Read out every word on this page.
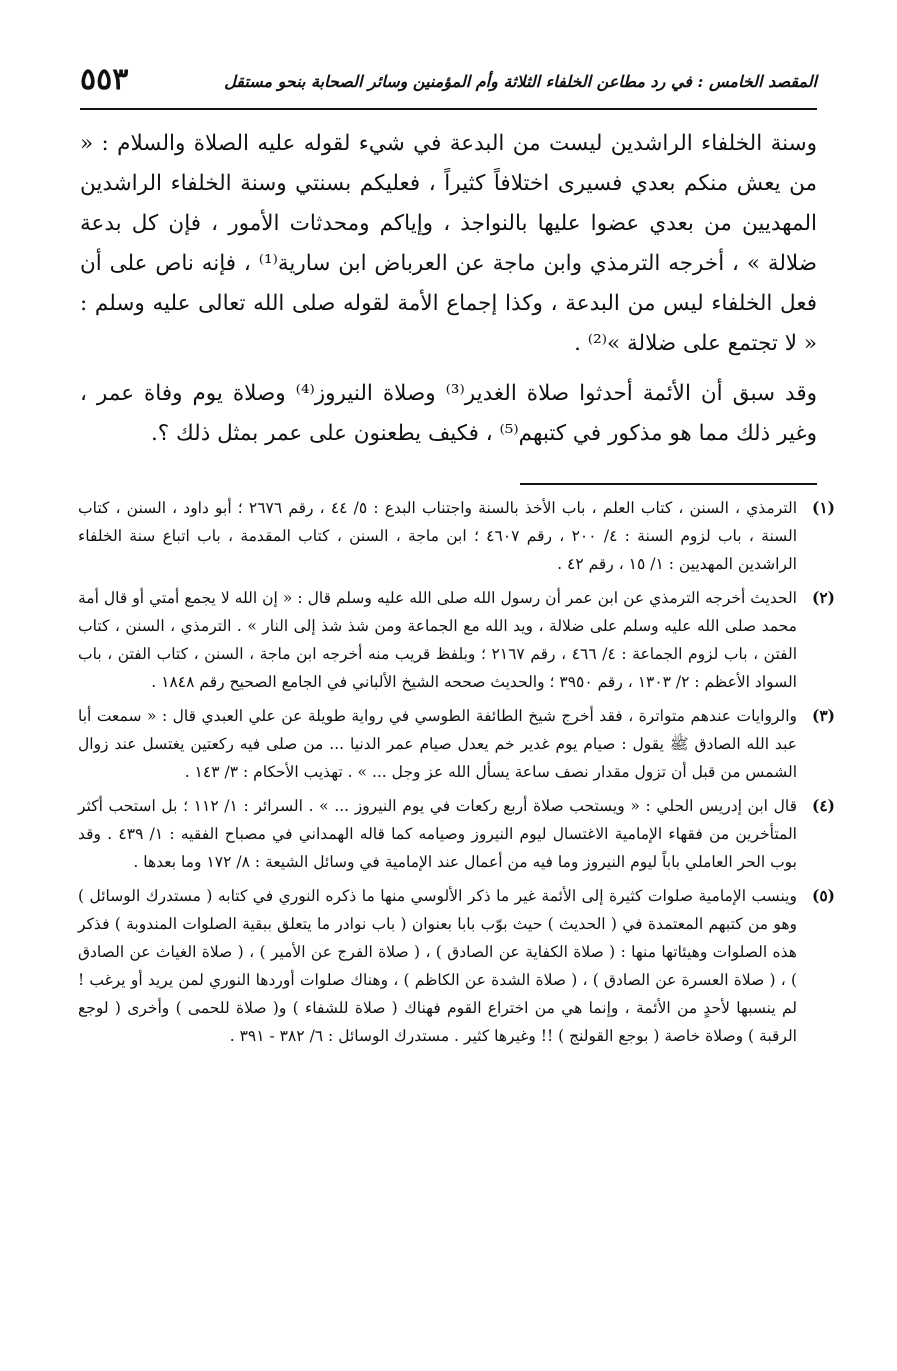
٥٥٣	المقصد الخامس : في رد مطاعن الخلفاء الثلاثة وأم المؤمنين وسائر الصحابة بنحو مستقل

وسنة الخلفاء الراشدين ليست من البدعة في شيء لقوله عليه الصلاة والسلام : « من يعش منكم بعدي فسيرى اختلافاً كثيراً ، فعليكم بسنتي وسنة الخلفاء الراشدين المهديين من بعدي عضوا عليها بالنواجذ ، وإياكم ومحدثات الأمور ، فإن كل بدعة ضلالة » ، أخرجه الترمذي وابن ماجة عن العرباض ابن سارية⁽¹⁾ ، فإنه ناص على أن فعل الخلفاء ليس من البدعة ، وكذا إجماع الأمة لقوله صلى الله تعالى عليه وسلم : « لا تجتمع على ضلالة »⁽²⁾ .

وقد سبق أن الأئمة أحدثوا صلاة الغدير⁽³⁾ وصلاة النيروز⁽⁴⁾ وصلاة يوم وفاة عمر ، وغير ذلك مما هو مذكور في كتبهم⁽⁵⁾ ، فكيف يطعنون على عمر بمثل ذلك ؟.

(١)
الترمذي ، السنن ، كتاب العلم ، باب الأخذ بالسنة واجتناب البدع : ٥/ ٤٤ ، رقم ٢٦٧٦ ؛ أبو داود ، السنن ، كتاب السنة ، باب لزوم السنة : ٤/ ٢٠٠ ، رقم ٤٦٠٧ ؛ ابن ماجة ، السنن ، كتاب المقدمة ، باب اتباع سنة الخلفاء الراشدين المهديين : ١/ ١٥ ، رقم ٤٢ .
(٢)
الحديث أخرجه الترمذي عن ابن عمر أن رسول الله صلى الله عليه وسلم قال : « إن الله لا يجمع أمتي أو قال أمة محمد صلى الله عليه وسلم على ضلالة ، ويد الله مع الجماعة ومن شذ شذ إلى النار » . الترمذي ، السنن ، كتاب الفتن ، باب لزوم الجماعة : ٤/ ٤٦٦ ، رقم ٢١٦٧ ؛ وبلفظ قريب منه أخرجه ابن ماجة ، السنن ، كتاب الفتن ، باب السواد الأعظم : ٢/ ١٣٠٣ ، رقم ٣٩٥٠ ؛ والحديث صححه الشيخ الألباني في الجامع الصحيح رقم ١٨٤٨ .
(٣)
والروايات عندهم متواترة ، فقد أخرج شيخ الطائفة الطوسي في رواية طويلة عن علي العبدي قال : « سمعت أبا عبد الله الصادق ﷺ يقول : صيام يوم غدير خم يعدل صيام عمر الدنيا ... من صلى فيه ركعتين يغتسل عند زوال الشمس من قبل أن تزول مقدار نصف ساعة يسأل الله عز وجل ... » . تهذيب الأحكام : ٣/ ١٤٣ .
(٤)
قال ابن إدريس الحلي : « ويستحب صلاة أربع ركعات في يوم النيروز ... » . السرائر : ١/ ١١٢ ؛ بل استحب أكثر المتأخرين من فقهاء الإمامية الاغتسال ليوم النيروز وصيامه كما قاله الهمداني في مصباح الفقيه : ١/ ٤٣٩ . وقد بوب الحر العاملي باباً ليوم النيروز وما فيه من أعمال عند الإمامية في وسائل الشيعة : ٨/ ١٧٢ وما بعدها .
(٥)
وينسب الإمامية صلوات كثيرة إلى الأئمة غير ما ذكر الألوسي منها ما ذكره النوري في كتابه ( مستدرك الوسائل ) وهو من كتبهم المعتمدة في ( الحديث ) حيث بوّب بابا بعنوان ( باب نوادر ما يتعلق ببقية الصلوات المندوبة ) فذكر هذه الصلوات وهيئاتها منها : ( صلاة الكفاية عن الصادق ) ، ( صلاة الفرج عن الأمير ) ، ( صلاة الغياث عن الصادق ) ، ( صلاة العسرة عن الصادق ) ، ( صلاة الشدة عن الكاظم ) ، وهناك صلوات أوردها النوري لمن يريد أو يرغب ! لم ينسبها لأحدٍ من الأئمة ، وإنما هي من اختراع القوم فهناك ( صلاة للشفاء ) و( صلاة للحمى ) وأخرى ( لوجع الرقبة ) وصلاة خاصة ( بوجع القولنج ) !! وغيرها كثير . مستدرك الوسائل : ٦/ ٣٨٢ - ٣٩١ .
